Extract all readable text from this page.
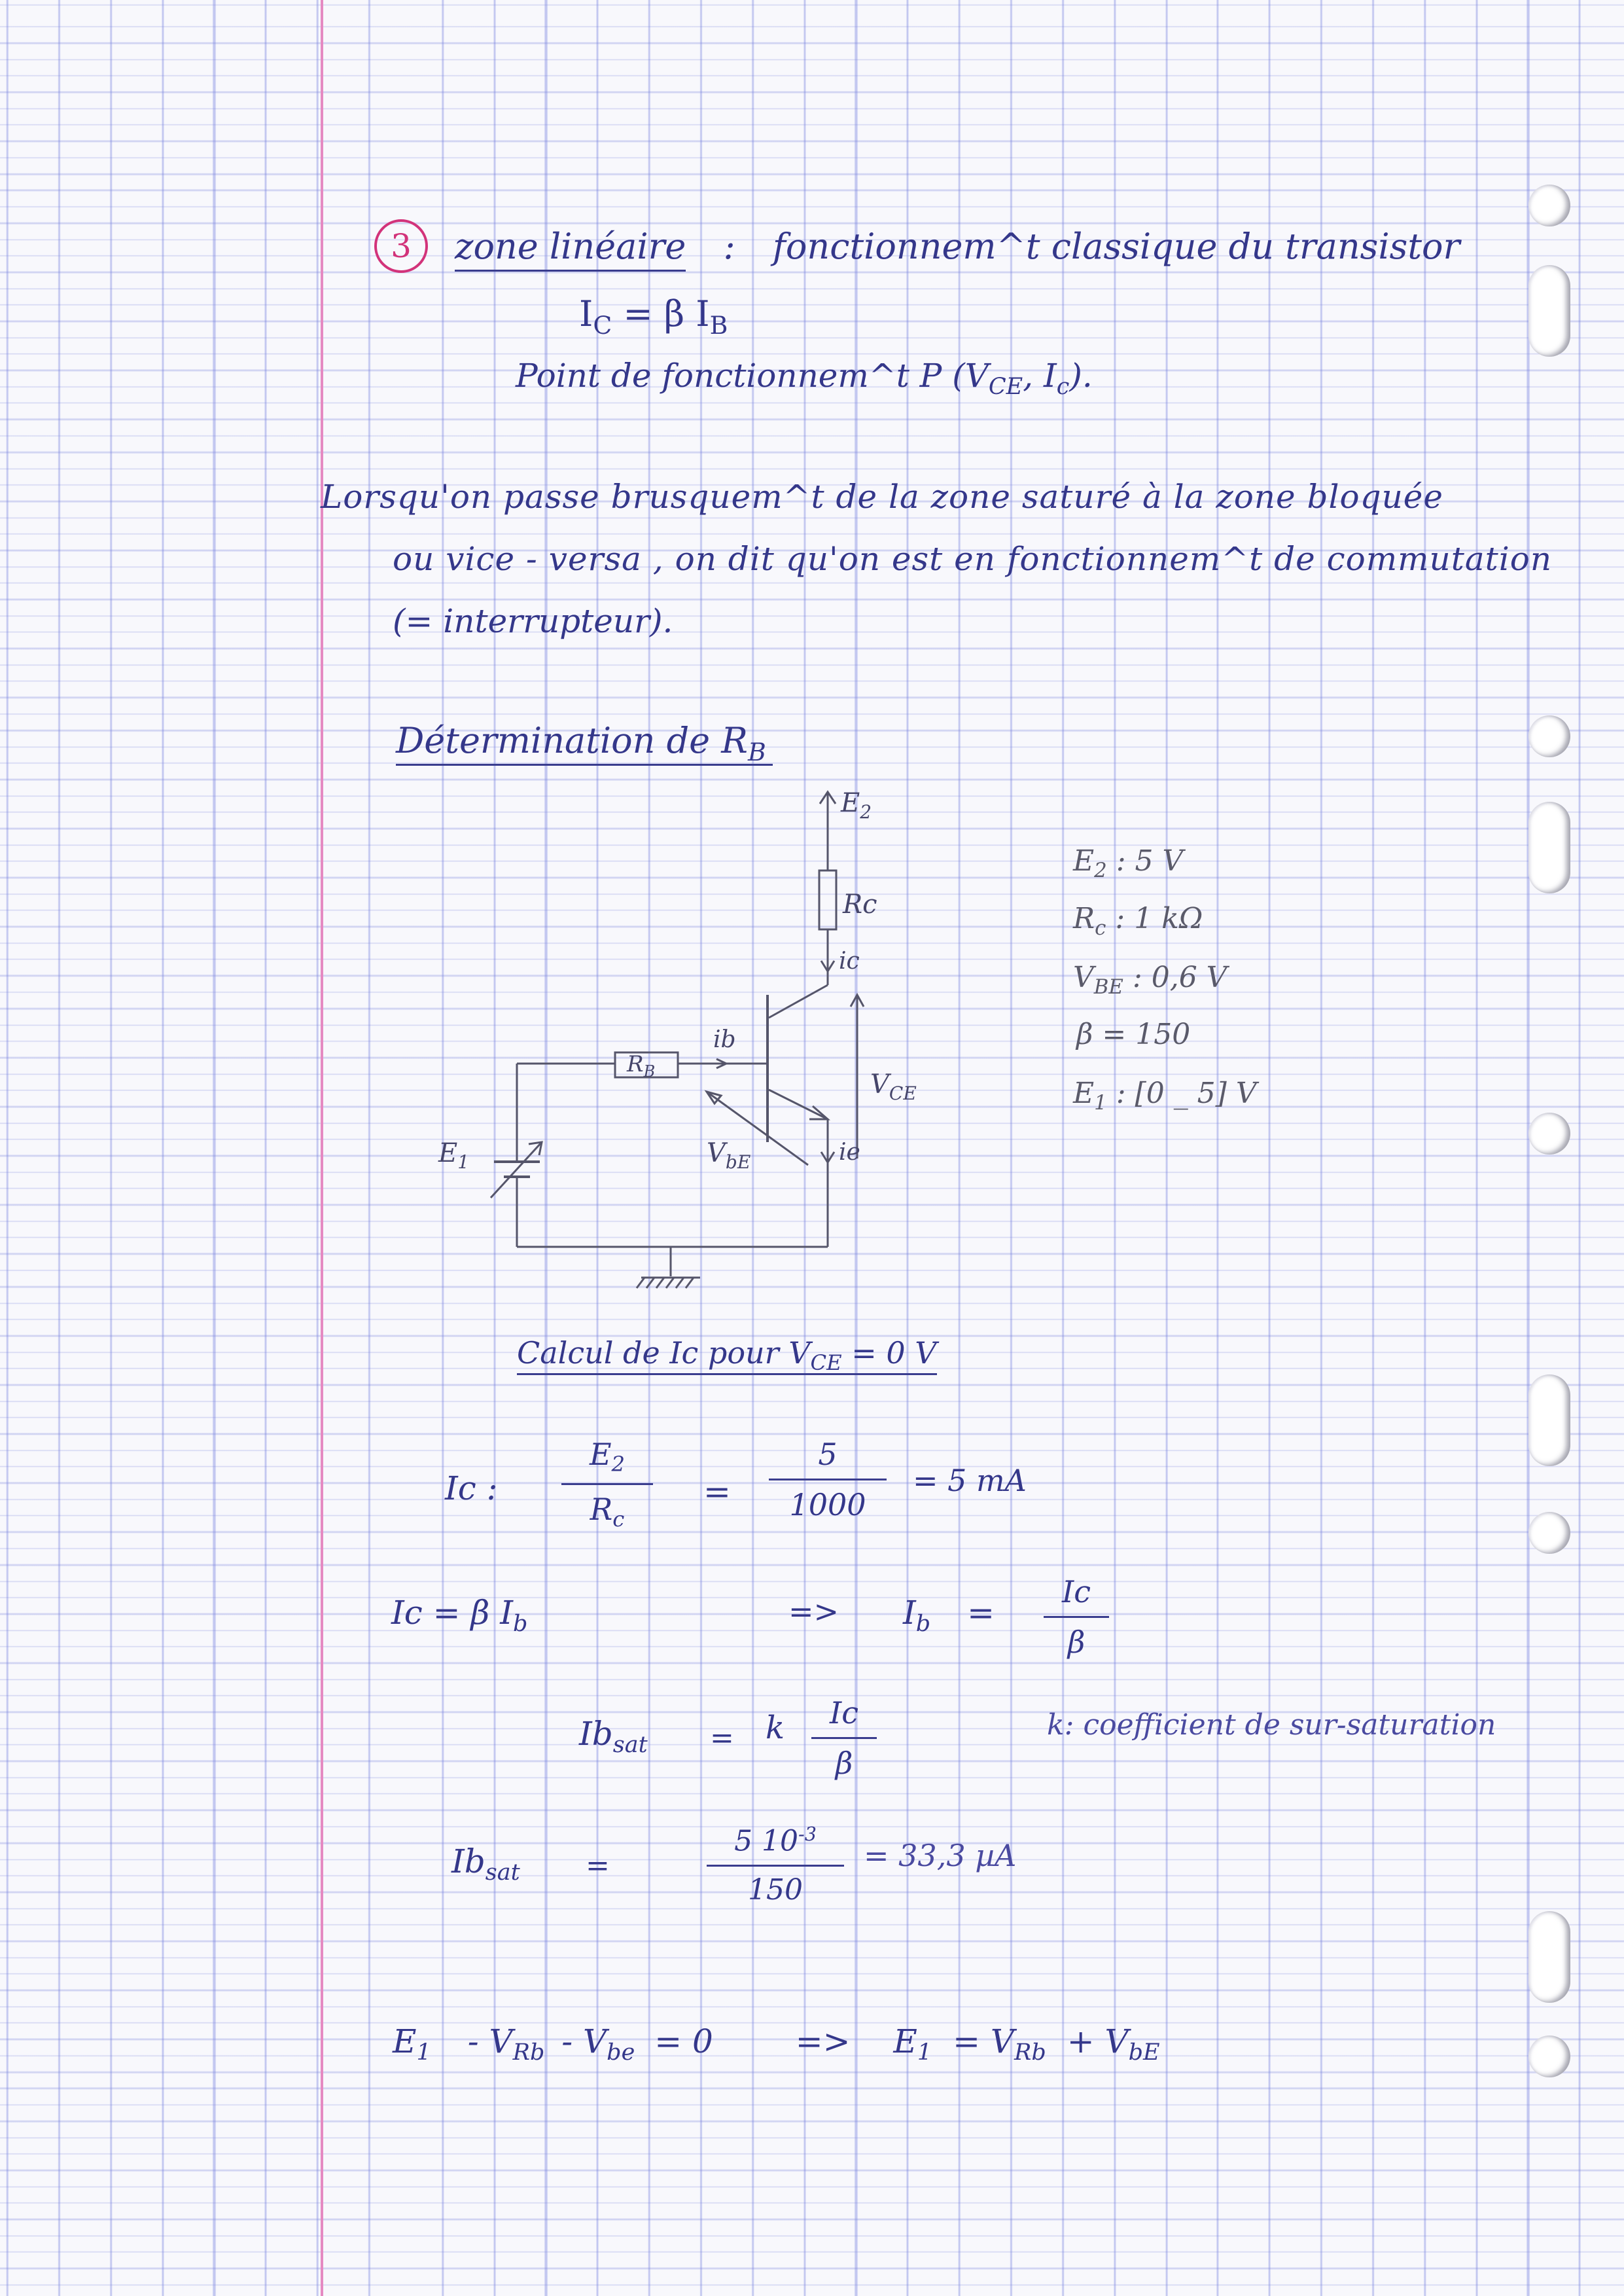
3	zone linéaire : fonctionnem^t classique du transistor
$I_C = \beta$ $I_B$
Point de fonctionnem^t P ($V_{CE}$, $I_c$).
Lorsqu'on passe brusquem^t de la zone saturé à la zone bloquée
ou vice - versa , on dit qu'on est en fonctionnem^t de commutation
(= interrupteur).
Détermination de $R_B$
$E_2$
Rc
ic
ib
$R_B$	$V_{CE}$
$V_{bE}$	ie
$E_1$
$E_2$ : 5 V
$R_c$ : 1 kΩ
$V_{BE}$ : 0,6 V
β = 150
$E_1$ : [0 _ 5] V
Calcul de Ic pour $V_{CE} = 0$ V
Ic :
$E_2$
$R_c$
=
5
1000
= 5 mA
Ic = β $I_b$	=> $I_b$ =
Ic
β
$Ib_{sat} = k$	Ic
β
k: coefficient de sur-saturation
$Ib_{sat}$ =
5 $10^{-3}$
150
= 33,3 µA
$E_1 - V_{Rb} - V_{be} = 0$	=> $E_1 = V_{Rb} + V_{bE}$
